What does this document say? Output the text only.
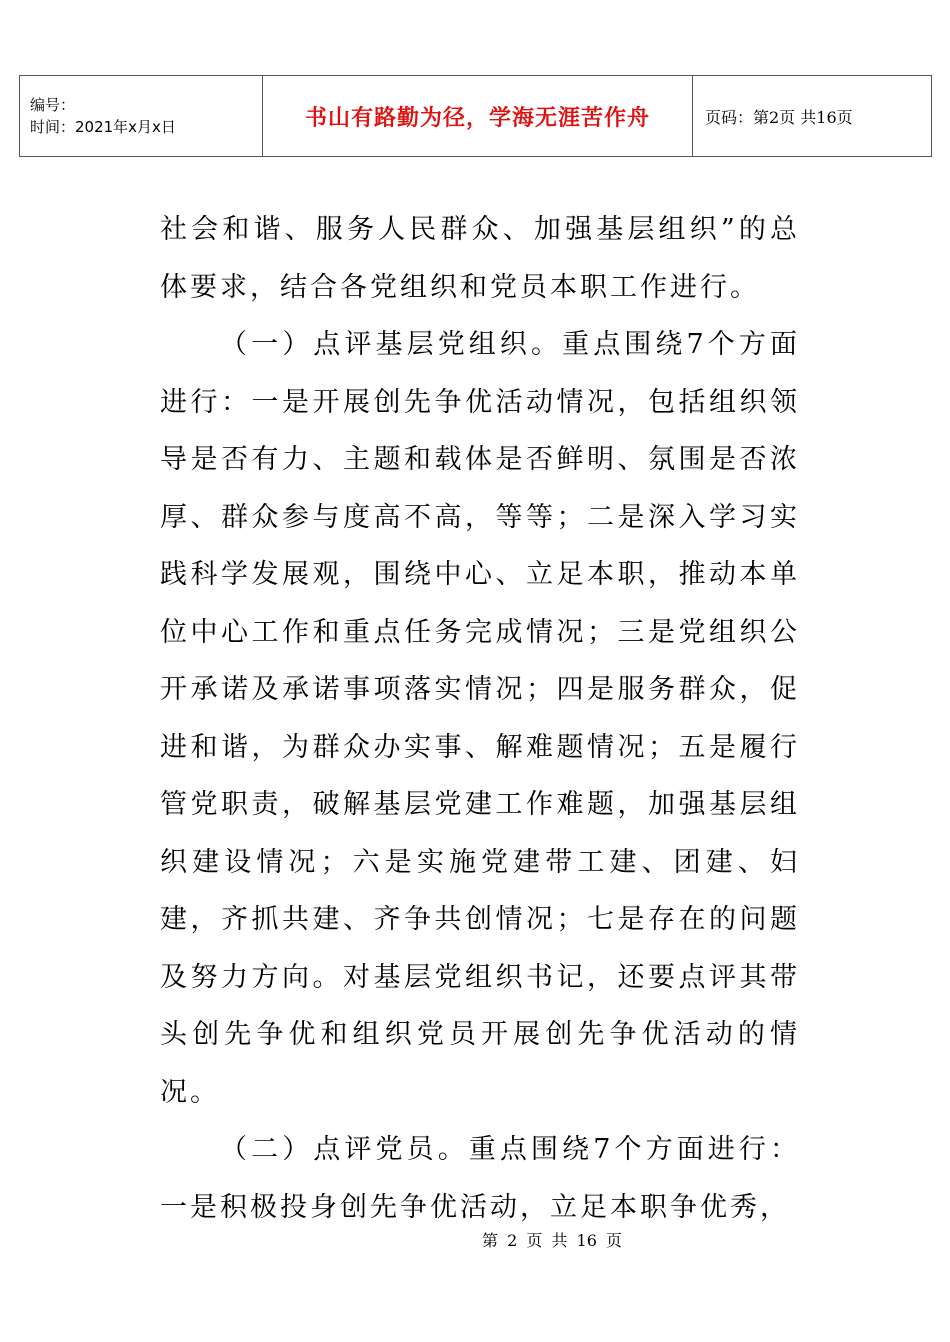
编号：
时间：2021年x月x日	书山有路勤为径，学海无涯苦作舟	页码：第2页 共16页

社会和谐、服务人民群众、加强基层组织”的总体要求，结合各党组织和党员本职工作进行。

（一）点评基层党组织。重点围绕7个方面进行：一是开展创先争优活动情况，包括组织领导是否有力、主题和载体是否鲜明、氛围是否浓厚、群众参与度高不高，等等；二是深入学习实践科学发展观，围绕中心、立足本职，推动本单位中心工作和重点任务完成情况；三是党组织公开承诺及承诺事项落实情况；四是服务群众，促进和谐，为群众办实事、解难题情况；五是履行管党职责，破解基层党建工作难题，加强基层组织建设情况；六是实施党建带工建、团建、妇建，齐抓共建、齐争共创情况；七是存在的问题及努力方向。对基层党组织书记，还要点评其带头创先争优和组织党员开展创先争优活动的情况。

（二）点评党员。重点围绕7个方面进行：一是积极投身创先争优活动，立足本职争优秀，

第 2 页 共 16 页
